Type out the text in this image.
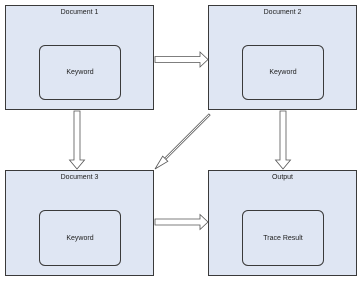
Document 1
Keyword
Document 2
Keyword
Document 3
Keyword
Output
Trace Result
